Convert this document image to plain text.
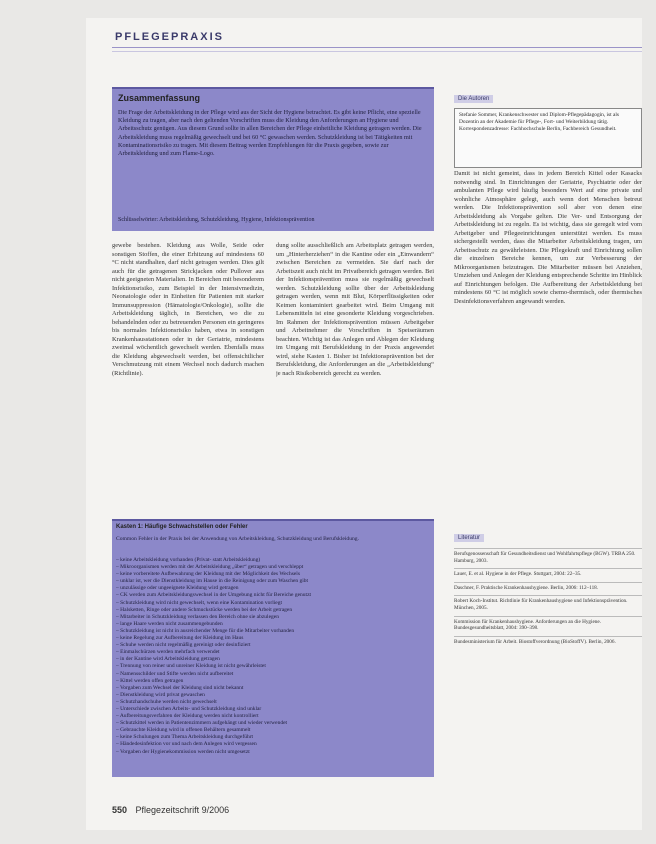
PFLEGEPRAXIS
Zusammenfassung
Die Frage der Arbeitskleidung in der Pflege wird aus der Sicht der Hygiene betrachtet. Es gibt keine Pflicht, eine spezielle Kleidung zu tragen, aber nach den geltenden Vorschriften muss die Kleidung den Anforderungen an Hygiene und Arbeitsschutz genügen. Aus diesem Grund sollte in allen Bereichen der Pflege einheitliche Kleidung getragen werden. Die Arbeitskleidung muss regelmäßig gewechselt und bei 60 °C gewaschen werden. Schutzkleidung ist bei Tätigkeiten mit Kontaminationsrisiko zu tragen. Mit diesem Beitrag werden Empfehlungen für die Praxis gegeben, sowie zur Arbeitskleidung und zum Flame-Logo.
Schlüsselwörter: Arbeitskleidung, Schutzkleidung, Hygiene, Infektionsprävention
Die Autoren
Stefanie Sommer, Krankenschwester und Diplom-Pflegepädagogin, ist als Dozentin an der Akademie für Pflege-, Fort- und Weiterbildung tätig. Korrespondenzadresse: Fachhochschule Berlin, Fachbereich Gesundheit.
gewebe bestehen. Kleidung aus Wolle, Seide oder sonstigen Stoffen, die einer Erhitzung auf mindestens 60 °C nicht standhalten, darf nicht getragen werden. Dies gilt auch für die getragenen Strickjacken oder Pullover aus nicht geeigneten Materialien. In Bereichen mit besonderem Infektionsrisiko, zum Beispiel in der Intensivmedizin, Neonatologie oder in Einheiten für Patienten mit starker Immunsuppression (Hämatologie/Onkologie), sollte die Arbeitskleidung täglich, in Bereichen, wo die zu behandelnden oder zu betreuenden Personen ein geringeres bis normales Infektionsrisiko haben, etwa in sonstigen Krankenhausstationen oder in der Geriatrie, mindestens zweimal wöchentlich gewechselt werden. Ebenfalls muss die Kleidung abgewechselt werden, bei offensichtlicher Verschmutzung mit einem Wechsel noch dadurch machen (Richtlinie).
dung sollte ausschließlich am Arbeitsplatz getragen werden, um „Hinterherziehen“ in die Kantine oder ein „Einwandern“ zwischen Bereichen zu vermeiden. Sie darf nach der Arbeitszeit auch nicht im Privatbereich getragen werden. Bei der Infektionsprävention muss sie regelmäßig gewechselt werden. Schutzkleidung sollte über der Arbeitskleidung getragen werden, wenn mit Blut, Körperflüssigkeiten oder Keimen kontaminiert gearbeitet wird. Beim Umgang mit Lebensmitteln ist eine gesonderte Kleidung vorgeschrieben. Im Rahmen der Infektionsprävention müssen Arbeitgeber und Arbeitnehmer die Vorschriften in Speiseräumen beachten. Wichtig ist das Anlegen und Ablegen der Kleidung im Umgang mit Berufskleidung in der Praxis angewendet wird, siehe Kasten 1. Bisher ist Infektionsprävention bei der Berufskleidung, die Anforderungen an die „Arbeitskleidung“ je nach Risikobereich gerecht zu werden.
Damit ist nicht gemeint, dass in jedem Bereich Kittel oder Kasacks notwendig sind. In Einrichtungen der Geriatrie, Psychiatrie oder der ambulanten Pflege wird häufig besonders Wert auf eine private und wohnliche Atmosphäre gelegt, auch wenn dort Menschen betreut werden. Die Infektionsprävention soll aber von denen eine Arbeitskleidung als Vorgabe gelten. Die Ver- und Entsorgung der Arbeitskleidung ist zu regeln. Es ist wichtig, dass sie geregelt wird vom Arbeitgeber und Pflegeeinrichtungen unterstützt werden. Es muss sichergestellt werden, dass die Mitarbeiter Arbeitskleidung tragen, um Arbeitsschutz zu gewährleisten. Die Pflegekraft und Einrichtung sollen die einzelnen Bereiche kennen, um zur Verbesserung der Mikroorganismen beizutragen. Die Mitarbeiter müssen bei Anziehen, Umziehen und Anlegen der Kleidung entsprechende Schritte im Hinblick auf Einrichtungen befolgen. Die Aufbereitung der Arbeitskleidung bei mindestens 60 °C ist möglich sowie chemo-thermisch, oder thermisches Desinfektionsverfahren angewandt werden.
Kasten 1: Häufige Schwachstellen oder Fehler
Common Fehler in der Praxis bei der Anwendung von Arbeitskleidung, Schutzkleidung und Berufskleidung.
– keine Arbeitskleidung vorhanden (Privat- statt Arbeitskleidung)
– Mikroorganismen werden mit der Arbeitskleidung „über“ getragen und verschleppt
– keine vorbereitete Aufbewahrung der Kleidung mit der Möglichkeit des Wechsels
– unklar ist, wer die Dienstkleidung im Hause in die Reinigung oder zum Waschen gibt
– unzulässige oder ungeeignete Kleidung wird getragen
– CK werden zum Arbeitskleidungswechsel in der Umgebung nicht für Bereiche genutzt
– Schutzkleidung wird nicht gewechselt, wenn eine Kontamination vorliegt
– Halsketten, Ringe oder andere Schmuckstücke werden bei der Arbeit getragen
– Mitarbeiter in Schutzkleidung verlassen den Bereich ohne sie abzulegen
– lange Haare werden nicht zusammengebunden
– Schutzkleidung ist nicht in ausreichender Menge für die Mitarbeiter vorhanden
– keine Regelung zur Aufbereitung der Kleidung im Haus
– Schuhe werden nicht regelmäßig gereinigt oder desinfiziert
– Einmalschürzen werden mehrfach verwendet
– in der Kantine wird Arbeitskleidung getragen
– Trennung von reiner und unreiner Kleidung ist nicht gewährleistet
– Namensschilder und Stifte werden nicht aufbereitet
– Kittel werden offen getragen
– Vorgaben zum Wechsel der Kleidung sind nicht bekannt
– Dienstkleidung wird privat gewaschen
– Schutzhandschuhe werden nicht gewechselt
– Unterschiede zwischen Arbeits- und Schutzkleidung sind unklar
– Aufbereitungsverfahren der Kleidung werden nicht kontrolliert
– Schutzkittel werden in Patientenzimmern aufgehängt und wieder verwendet
– Gebrauchte Kleidung wird in offenen Behältern gesammelt
– keine Schulungen zum Thema Arbeitskleidung durchgeführt
– Händedesinfektion vor und nach dem Anlegen wird vergessen
– Vorgaben der Hygienekommission werden nicht umgesetzt
Literatur
Berufsgenossenschaft für Gesundheitsdienst und Wohlfahrtspflege (BGW). TRBA 250. Hamburg, 2003.
Lauer, E. et al. Hygiene in der Pflege. Stuttgart, 2004: 22–35.
Daschner, F. Praktische Krankenhaushygiene. Berlin, 2006: 112–118.
Robert Koch-Institut. Richtlinie für Krankenhaushygiene und Infektionsprävention. München, 2005.
Kommission für Krankenhaushygiene. Anforderungen an die Hygiene. Bundesgesundheitsblatt, 2004: 390–398.
Bundesministerium für Arbeit. Biostoffverordnung (BioStoffV). Berlin, 2006.
550 Pflegezeitschrift 9/2006
